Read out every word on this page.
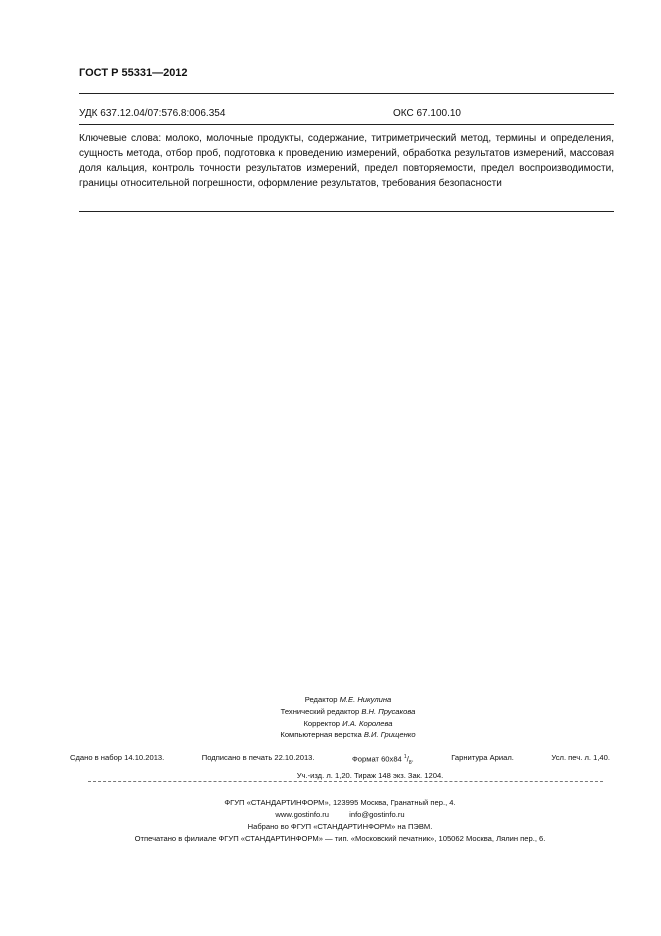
ГОСТ Р 55331—2012
УДК 637.12.04/07:576.8:006.354	ОКС 67.100.10
Ключевые слова: молоко, молочные продукты, содержание, титриметрический метод, термины и определения, сущность метода, отбор проб, подготовка к проведению измерений, обработка результатов измерений, массовая доля кальция, контроль точности результатов измерений, предел повторяемости, предел воспроизводимости, границы относительной погрешности, оформление результатов, требования безопасности
Редактор М.Е. Никулина
Технический редактор В.Н. Прусакова
Корректор И.А. Королева
Компьютерная верстка В.И. Грищенко
Сдано в набор 14.10.2013.	Подписано в печать 22.10.2013.	Формат 60x84 $^1/_8$.	Гарнитура Ариал.	Усл. печ. л. 1,40.
Уч.-изд. л. 1,20. Тираж 148 экз. Зак. 1204.
ФГУП «СТАНДАРТИНФОРМ», 123995 Москва, Гранатный пер., 4.
www.gostinfo.ru	info@gostinfo.ru
Набрано во ФГУП «СТАНДАРТИНФОРМ» на ПЭВМ.
Отпечатано в филиале ФГУП «СТАНДАРТИНФОРМ» — тип. «Московский печатник», 105062 Москва, Лялин пер., 6.
